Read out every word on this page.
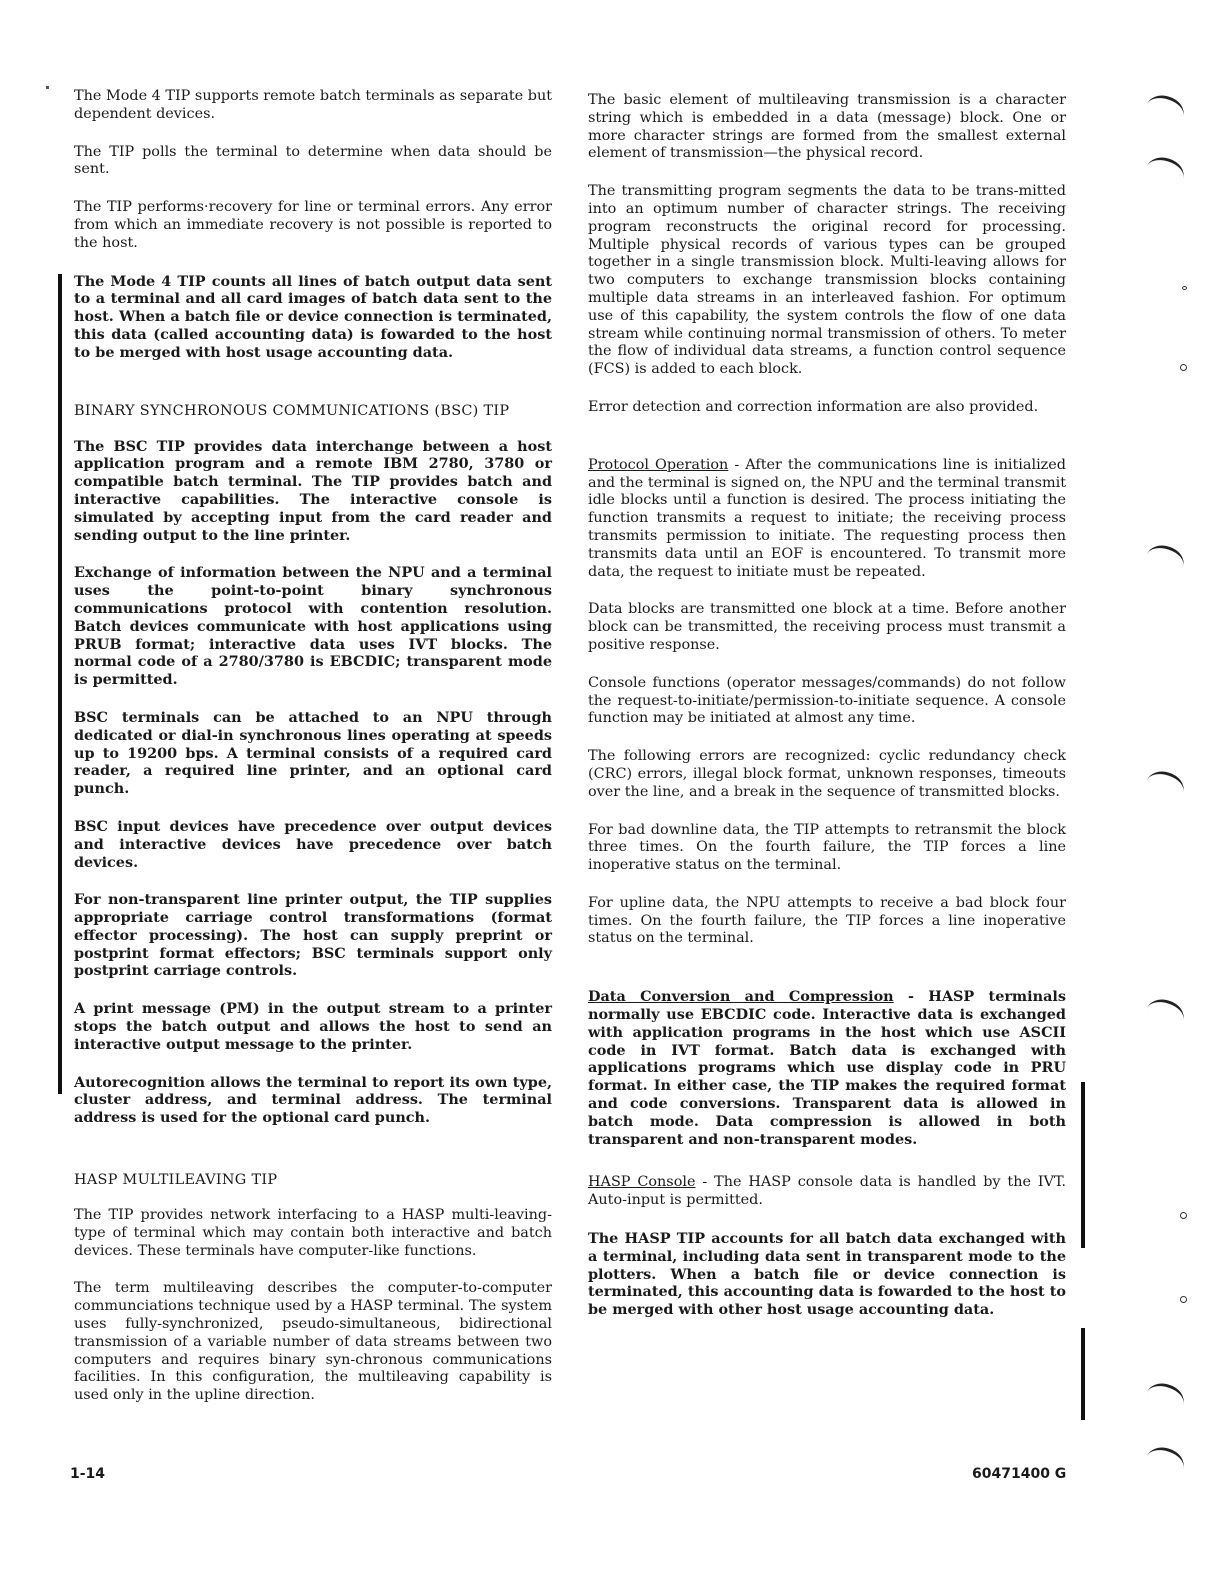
The Mode 4 TIP supports remote batch terminals as separate but dependent devices.

The TIP polls the terminal to determine when data should be sent.

The TIP performs·recovery for line or terminal errors. Any error from which an immediate recovery is not possible is reported to the host.

The Mode 4 TIP counts all lines of batch output data sent to a terminal and all card images of batch data sent to the host. When a batch file or device connection is terminated, this data (called accounting data) is fowarded to the host to be merged with host usage accounting data.

BINARY SYNCHRONOUS COMMUNICATIONS (BSC) TIP

The BSC TIP provides data interchange between a host application program and a remote IBM 2780, 3780 or compatible batch terminal. The TIP provides batch and interactive capabilities. The interactive console is simulated by accepting input from the card reader and sending output to the line printer.

Exchange of information between the NPU and a terminal uses the point-to-point binary synchronous communications protocol with contention resolution. Batch devices communicate with host applications using PRUB format; interactive data uses IVT blocks. The normal code of a 2780/3780 is EBCDIC; transparent mode is permitted.

BSC terminals can be attached to an NPU through dedicated or dial-in synchronous lines operating at speeds up to 19200 bps. A terminal consists of a required card reader, a required line printer, and an optional card punch.

BSC input devices have precedence over output devices and interactive devices have precedence over batch devices.

For non-transparent line printer output, the TIP supplies appropriate carriage control transformations (format effector processing). The host can supply preprint or postprint format effectors; BSC terminals support only postprint carriage controls.

A print message (PM) in the output stream to a printer stops the batch output and allows the host to send an interactive output message to the printer.

Autorecognition allows the terminal to report its own type, cluster address, and terminal address. The terminal address is used for the optional card punch.

HASP MULTILEAVING TIP

The TIP provides network interfacing to a HASP multi-leaving-type of terminal which may contain both interactive and batch devices. These terminals have computer-like functions.

The term multileaving describes the computer-to-computer communciations technique used by a HASP terminal. The system uses fully-synchronized, pseudo-simultaneous, bidirectional transmission of a variable number of data streams between two computers and requires binary syn-chronous communications facilities. In this configuration, the multileaving capability is used only in the upline direction.

The basic element of multileaving transmission is a character string which is embedded in a data (message) block. One or more character strings are formed from the smallest external element of transmission—the physical record.

The transmitting program segments the data to be trans-mitted into an optimum number of character strings. The receiving program reconstructs the original record for processing. Multiple physical records of various types can be grouped together in a single transmission block. Multi-leaving allows for two computers to exchange transmission blocks containing multiple data streams in an interleaved fashion. For optimum use of this capability, the system controls the flow of one data stream while continuing normal transmission of others. To meter the flow of individual data streams, a function control sequence (FCS) is added to each block.

Error detection and correction information are also provided.

Protocol Operation - After the communications line is initialized and the terminal is signed on, the NPU and the terminal transmit idle blocks until a function is desired. The process initiating the function transmits a request to initiate; the receiving process transmits permission to initiate. The requesting process then transmits data until an EOF is encountered. To transmit more data, the request to initiate must be repeated.

Data blocks are transmitted one block at a time. Before another block can be transmitted, the receiving process must transmit a positive response.

Console functions (operator messages/commands) do not follow the request-to-initiate/permission-to-initiate sequence. A console function may be initiated at almost any time.

The following errors are recognized: cyclic redundancy check (CRC) errors, illegal block format, unknown responses, timeouts over the line, and a break in the sequence of transmitted blocks.

For bad downline data, the TIP attempts to retransmit the block three times. On the fourth failure, the TIP forces a line inoperative status on the terminal.

For upline data, the NPU attempts to receive a bad block four times. On the fourth failure, the TIP forces a line inoperative status on the terminal.

Data Conversion and Compression - HASP terminals normally use EBCDIC code. Interactive data is exchanged with application programs in the host which use ASCII code in IVT format. Batch data is exchanged with applications programs which use display code in PRU format. In either case, the TIP makes the required format and code conversions. Transparent data is allowed in batch mode. Data compression is allowed in both transparent and non-transparent modes.

HASP Console - The HASP console data is handled by the IVT. Auto-input is permitted.

The HASP TIP accounts for all batch data exchanged with a terminal, including data sent in transparent mode to the plotters. When a batch file or device connection is terminated, this accounting data is fowarded to the host to be merged with other host usage accounting data.

1-14	60471400 G
